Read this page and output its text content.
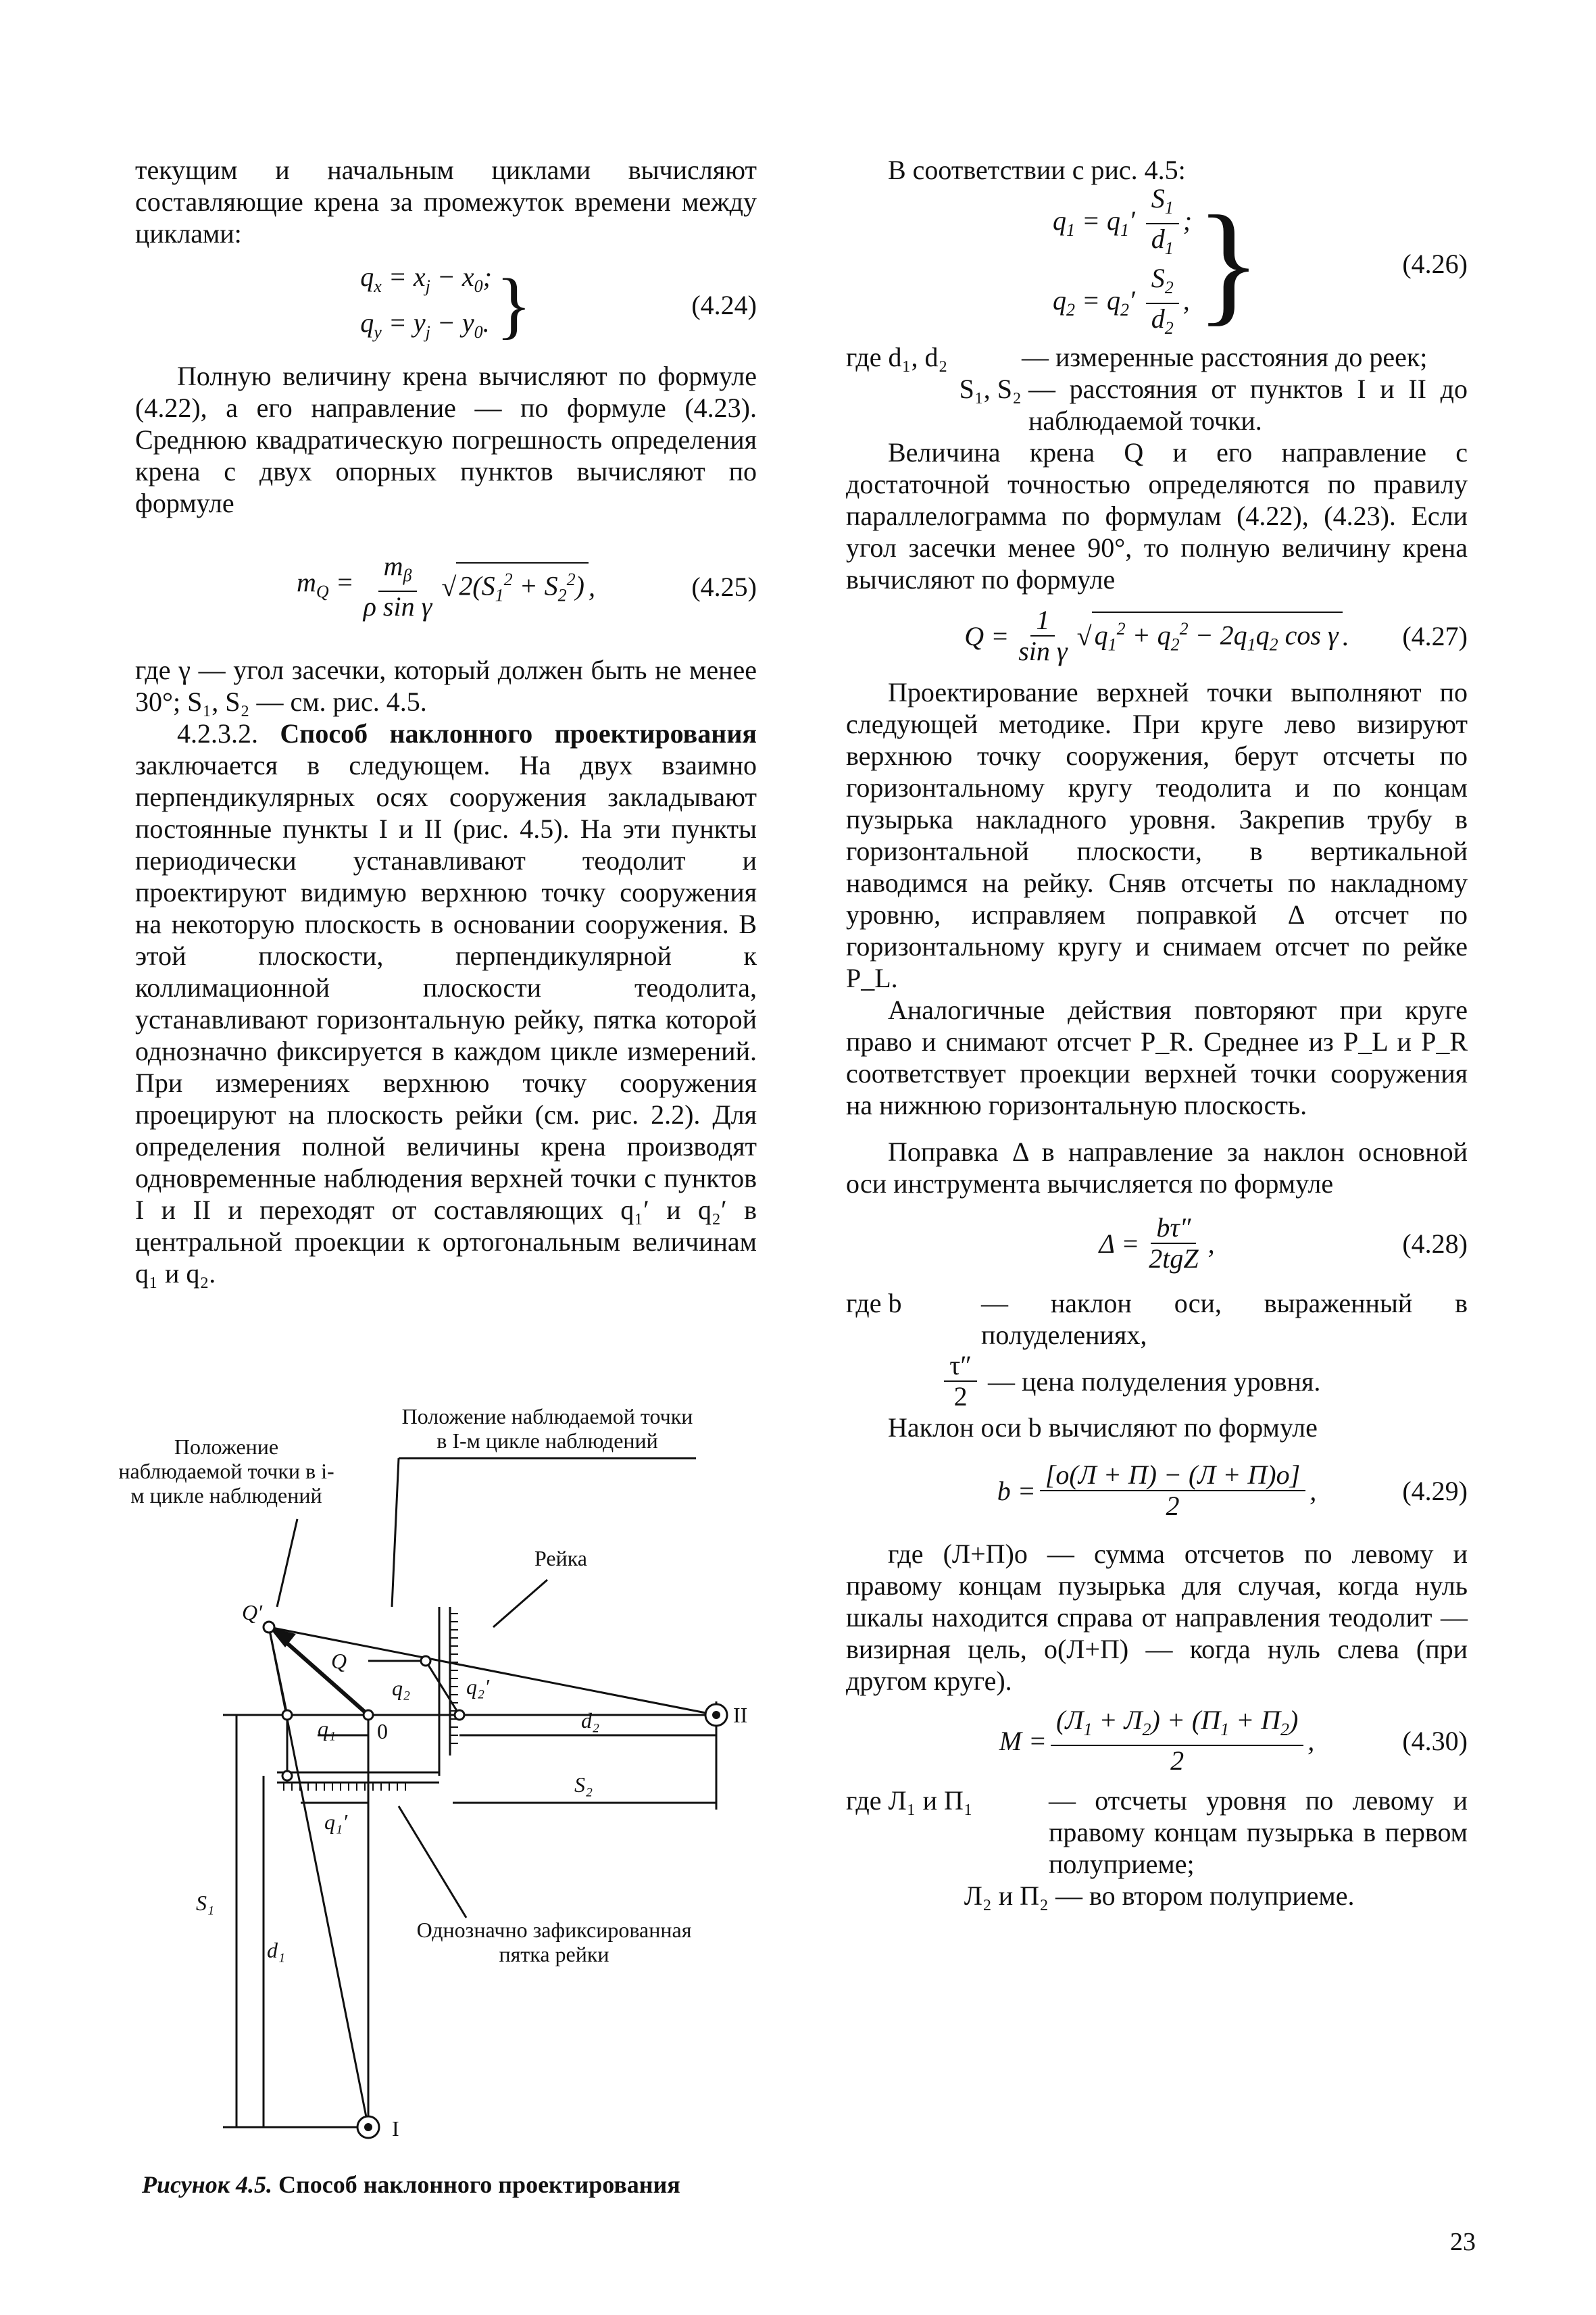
текущим и начальным циклами вычисляют составляющие крена за промежуток времени между циклами:

$q_x = x_j - x_0$;
$q_y = y_j - y_0$. }	(4.24)

Полную величину крена вычисляют по формуле (4.22), а его направление — по формуле (4.23). Среднюю квадратическую погрешность определения крена с двух опорных пунктов вычисляют по формуле

$m_Q = \frac{m_\beta}{\text{ρ sin γ}}$ √ $2(S_1^2 + S_2^2)$ ,	(4.25)

где γ — угол засечки, который должен быть не менее 30°; S₁, S₂ — см. рис. 4.5.

4.2.3.2. Способ наклонного проектирования заключается в следующем. На двух взаимно перпендикулярных осях сооружения закладывают постоянные пункты I и II (рис. 4.5). На эти пункты периодически устанавливают теодолит и проектируют видимую верхнюю точку сооружения на некоторую плоскость в основании сооружения. В этой плоскости, перпендикулярной к коллимационной плоскости теодолита, устанавливают горизонтальную рейку, пятка которой однозначно фиксируется в каждом цикле измерений. При измерениях верхнюю точку сооружения проецируют на плоскость рейки (см. рис. 2.2). Для определения полной величины крена производят одновременные наблюдения верхней точки с пунктов I и II и переходят от составляющих q₁′ и q₂′ в центральной проекции к ортогональным величинам q₁ и q₂.

Положение наблюдаемой точки в i-м цикле наблюдений
Положение наблюдаемой точки в I-м цикле наблюдений
Рейка
Однозначно зафиксированная пятка рейки
Q′
Q
q₁
q₂	q₂′
q₁′
0	d₂
d₁
S₁
S₂
I
II
Рисунок 4.5. Способ наклонного проектирования

В соответствии с рис. 4.5:

$q_1 = q_1' \frac{S_1}{d_1}$ ;
$q_2 = q_2' \frac{S_2}{d_2}$ , }	(4.26)
где d₁, d₂	— измеренные расстояния до реек;
S₁, S₂ — расстояния от пунктов I и II до наблюдаемой точки.

Величина крена Q и его направление с достаточной точностью определяются по правилу параллелограмма по формулам (4.22), (4.23). Если угол засечки менее 90°, то полную величину крена вычисляют по формуле

$Q = \frac{1}{\text{sin γ}}$ √ $q_1^2 + q_2^2 - 2q_1q_2$ cos γ . (4.27)

Проектирование верхней точки выполняют по следующей методике. При круге лево визируют верхнюю точку сооружения, берут отсчеты по горизонтальному кругу теодолита и по концам пузырька накладного уровня. Закрепив трубу в горизонтальной плоскости, в вертикальной наводимся на рейку. Сняв отсчеты по накладному уровню, исправляем поправкой Δ отсчет по горизонтальному кругу и снимаем отсчет по рейке P_L.

Аналогичные действия повторяют при круге право и снимают отсчет P_R. Среднее из P_L и P_R соответствует проекции верхней точки сооружения на нижнюю горизонтальную плоскость.

Поправка Δ в направление за наклон основной оси инструмента вычисляется по формуле

$\Delta = \frac{b\tau''}{\text{2tgZ}}$ ,	(4.28)
где b	— наклон оси, выраженный в полуделениях,
$\frac{\tau''}{2}$ — цена полуделения уровня.

Наклон оси b вычисляют по формуле

$b = \frac{[o(Л + П) - (Л + П)o]}{2}$ ,	(4.29)

где (Л+П)о — сумма отсчетов по левому и правому концам пузырька для случая, когда нуль шкалы находится справа от направления теодолит — визирная цель, о(Л+П) — когда нуль слева (при другом круге).

$M = \frac{(Л_1 + Л_2) + (П_1 + П_2)}{2}$ ,	(4.30)
где Л₁ и П₁	— отсчеты уровня по левому и правому концам пузырька в первом полуприеме;
Л₂ и П₂ — во втором полуприеме.
23
